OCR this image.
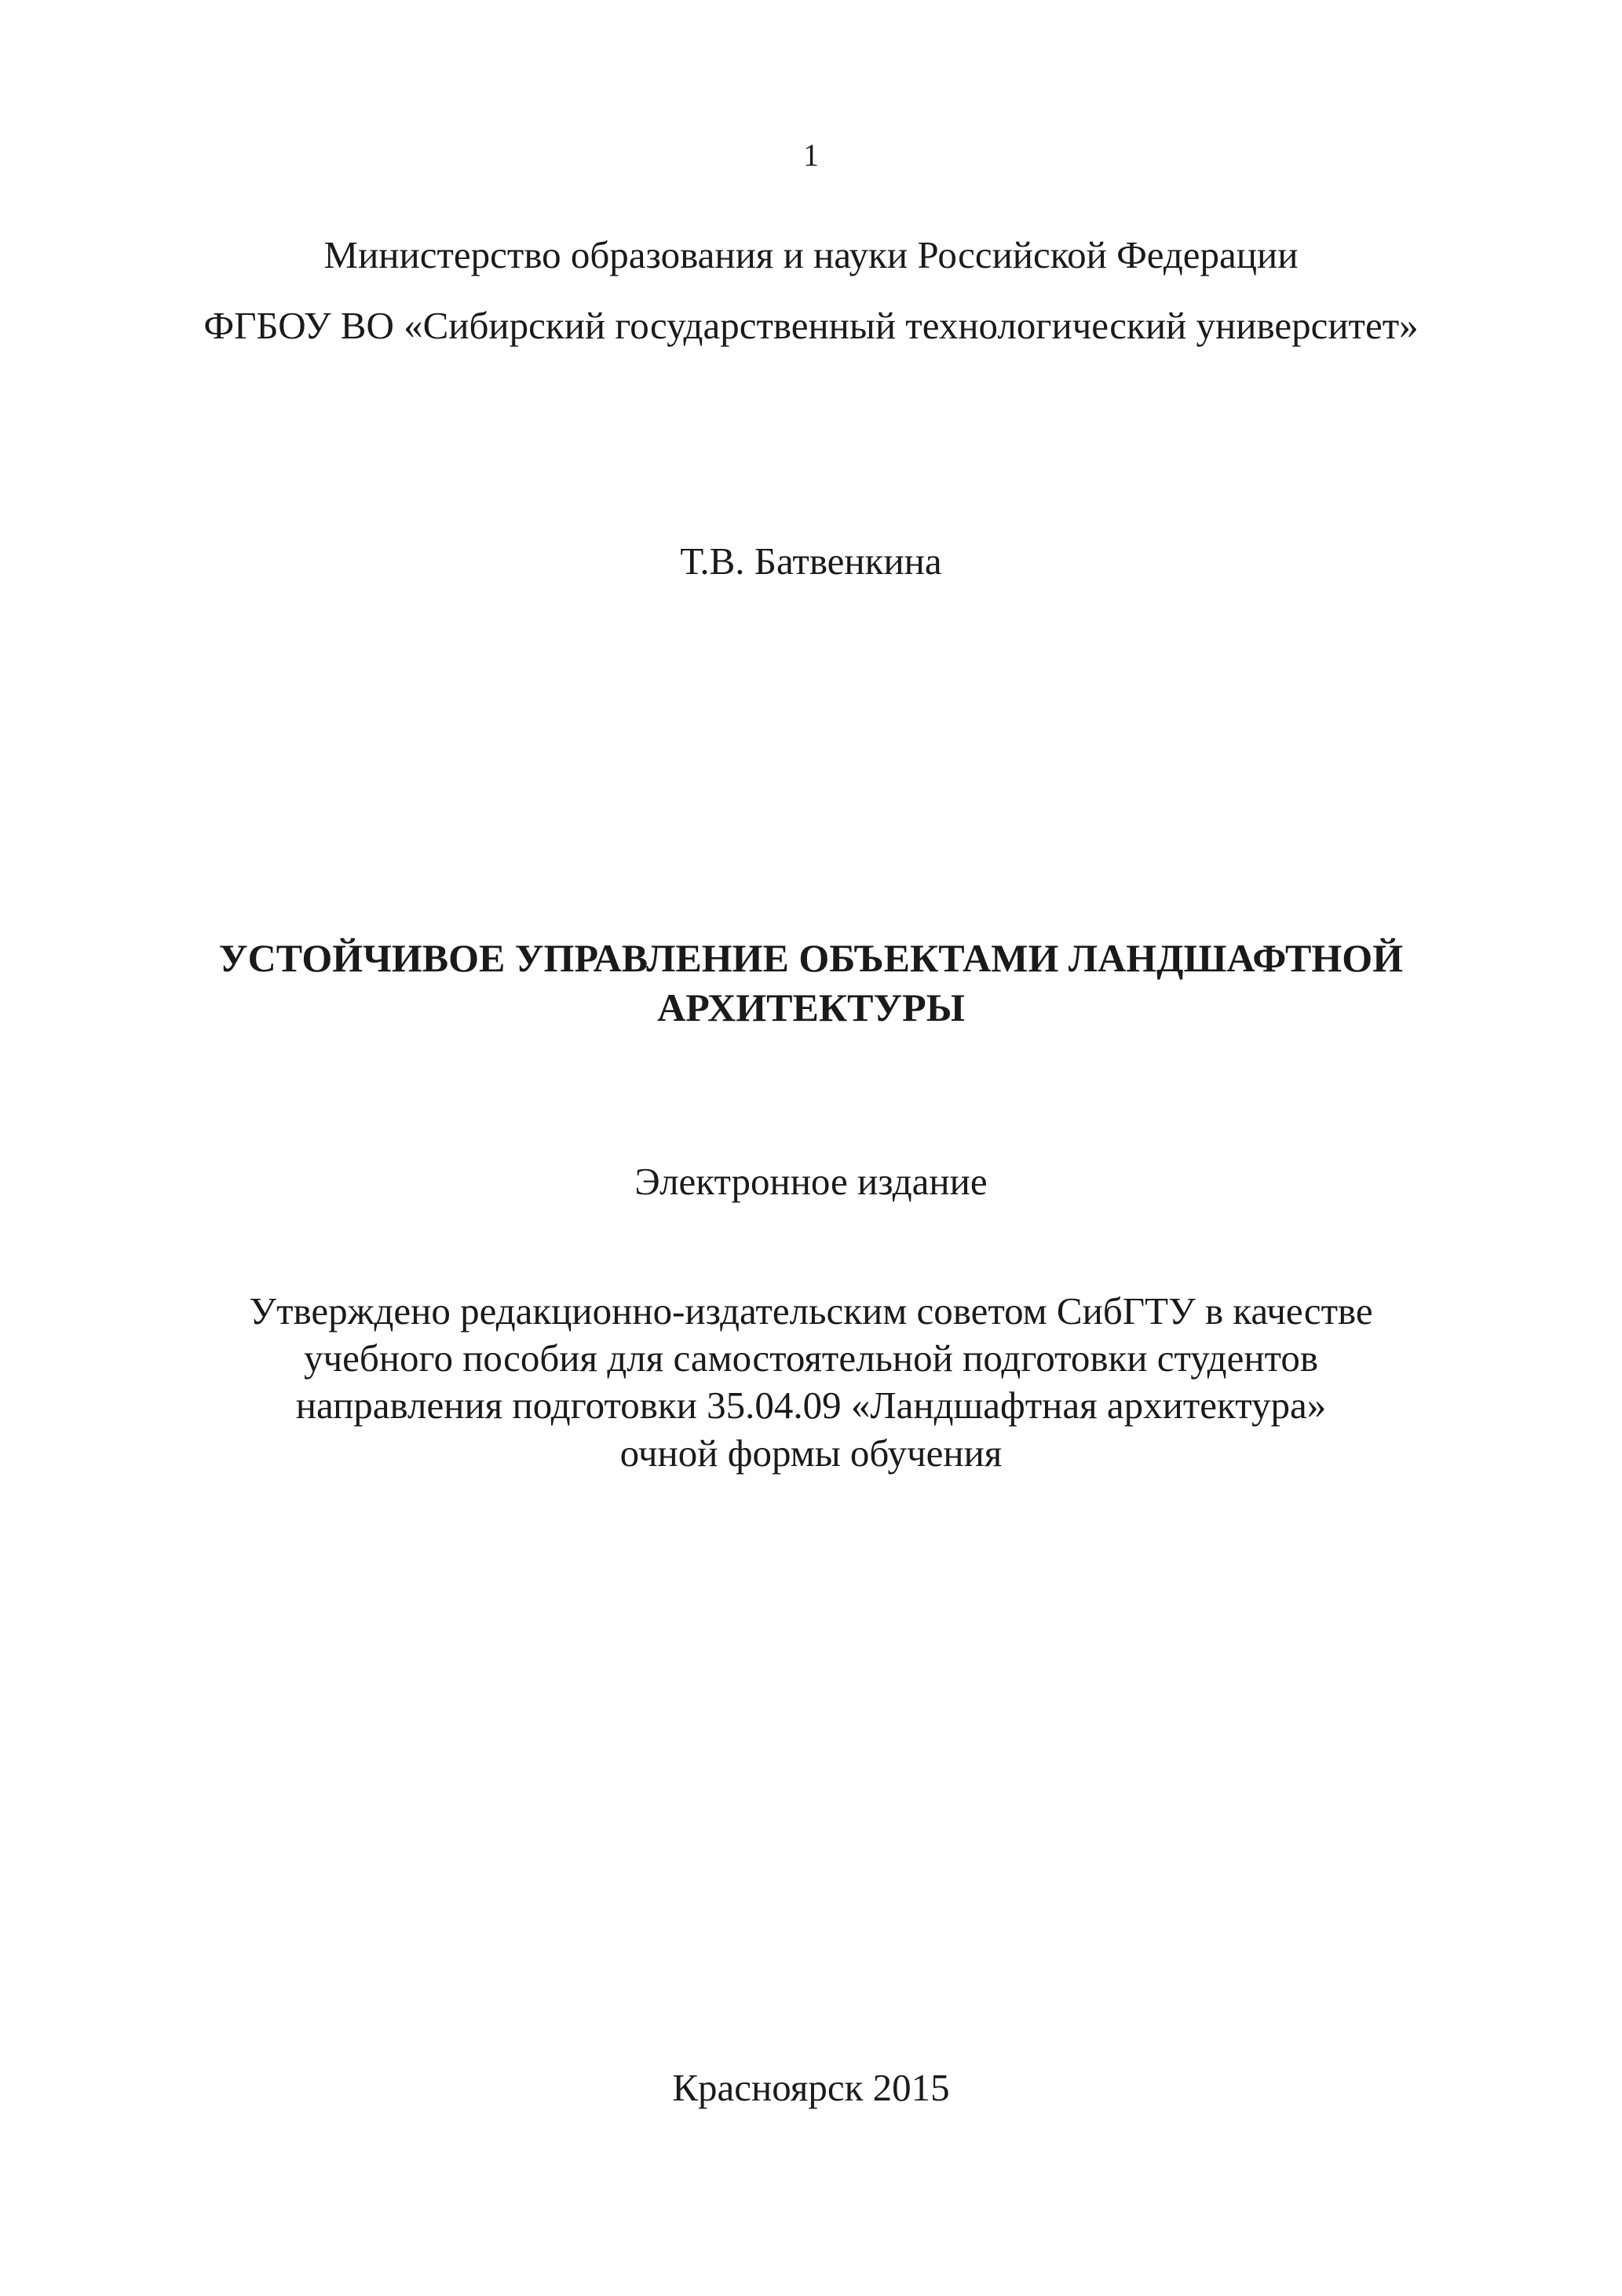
1
Министерство образования и науки Российской Федерации
ФГБОУ ВО «Сибирский государственный технологический университет»
Т.В. Батвенкина
УСТОЙЧИВОЕ УПРАВЛЕНИЕ ОБЪЕКТАМИ ЛАНДШАФТНОЙ
АРХИТЕКТУРЫ
Электронное издание
Утверждено редакционно-издательским советом СибГТУ в качестве
учебного пособия для самостоятельной подготовки студентов
направления подготовки 35.04.09 «Ландшафтная архитектура»
очной формы обучения
Красноярск 2015
